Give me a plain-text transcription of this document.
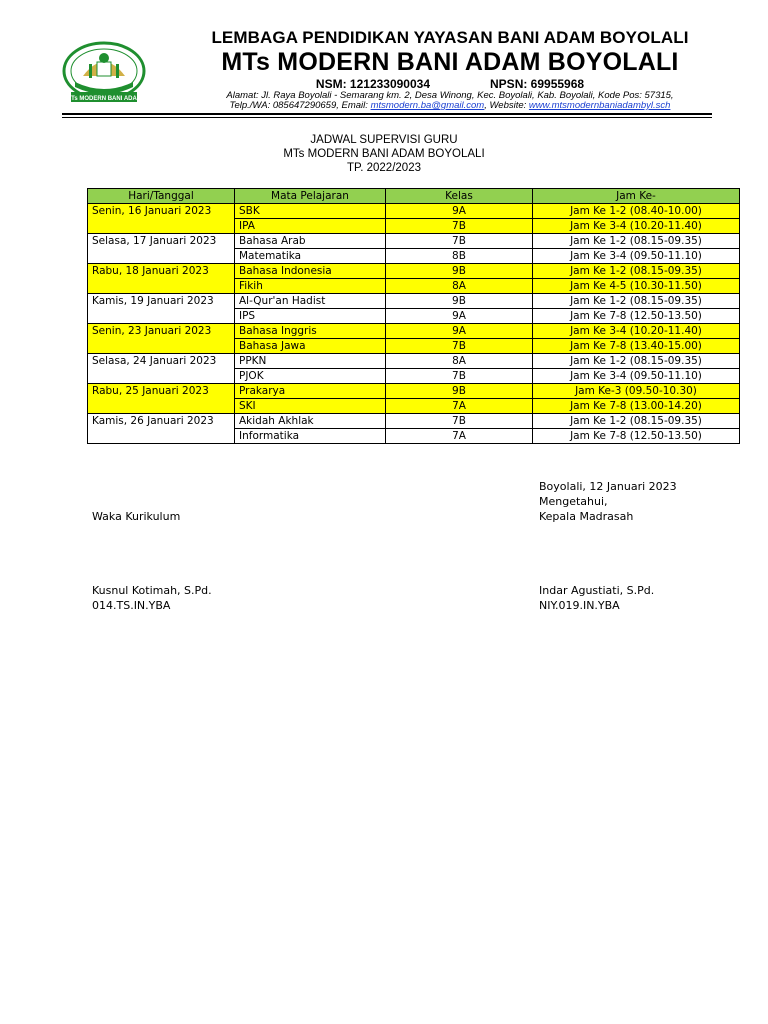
MTs MODERN BANI ADAM
LEMBAGA PENDIDIKAN YAYASAN BANI ADAM BOYOLALI
MTs MODERN BANI ADAM BOYOLALI
NSM: 121233090034	NPSN: 69955968
Alamat: Jl. Raya Boyolali - Semarang km. 2, Desa Winong, Kec. Boyolali, Kab. Boyolali, Kode Pos: 57315,
Telp./WA: 085647290659, Email: mtsmodern.ba@gmail.com, Website: www.mtsmodernbaniadambyl.sch
JADWAL SUPERVISI GURU
MTs MODERN BANI ADAM BOYOLALI
TP. 2022/2023
Hari/Tanggal	Mata Pelajaran	Kelas	Jam Ke-
Senin, 16 Januari 2023	SBK	9A	Jam Ke 1-2 (08.40-10.00)
	IPA	7B	Jam Ke 3-4 (10.20-11.40)
Selasa, 17 Januari 2023	Bahasa Arab	7B	Jam Ke 1-2 (08.15-09.35)
	Matematika	8B	Jam Ke 3-4 (09.50-11.10)
Rabu, 18 Januari 2023	Bahasa Indonesia	9B	Jam Ke 1-2 (08.15-09.35)
	Fikih	8A	Jam Ke 4-5 (10.30-11.50)
Kamis, 19 Januari 2023	Al-Qur'an Hadist	9B	Jam Ke 1-2 (08.15-09.35)
	IPS	9A	Jam Ke 7-8 (12.50-13.50)
Senin, 23 Januari 2023	Bahasa Inggris	9A	Jam Ke 3-4 (10.20-11.40)
	Bahasa Jawa	7B	Jam Ke 7-8 (13.40-15.00)
Selasa, 24 Januari 2023	PPKN	8A	Jam Ke 1-2 (08.15-09.35)
	PJOK	7B	Jam Ke 3-4 (09.50-11.10)
Rabu, 25 Januari 2023	Prakarya	9B	Jam Ke-3 (09.50-10.30)
	SKI	7A	Jam Ke 7-8 (13.00-14.20)
Kamis, 26 Januari 2023	Akidah Akhlak	7B	Jam Ke 1-2 (08.15-09.35)
	Informatika	7A	Jam Ke 7-8 (12.50-13.50)
Boyolali, 12 Januari 2023
Mengetahui,
Waka Kurikulum	Kepala Madrasah
Kusnul Kotimah, S.Pd.
014.TS.IN.YBA
Indar Agustiati, S.Pd.
NIY.019.IN.YBA
